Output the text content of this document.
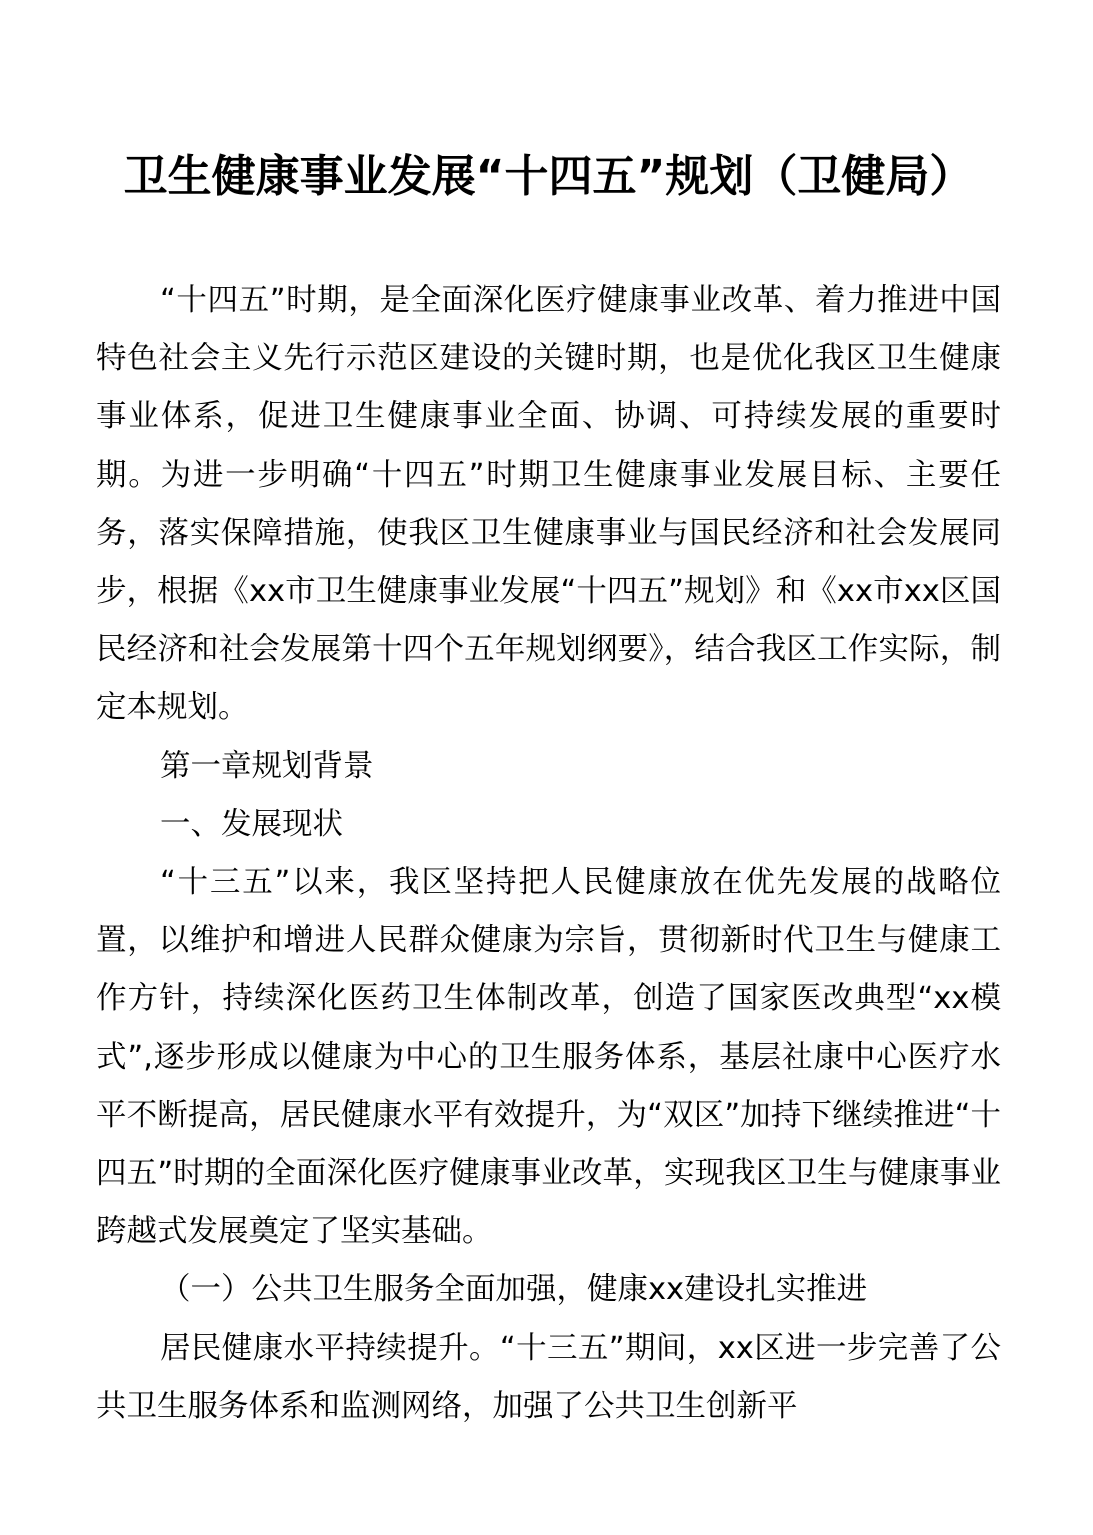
卫生健康事业发展“十四五”规划（卫健局）

“十四五”时期，是全面深化医疗健康事业改革、着力推进中国特色社会主义先行示范区建设的关键时期，也是优化我区卫生健康事业体系，促进卫生健康事业全面、协调、可持续发展的重要时期。为进一步明确“十四五”时期卫生健康事业发展目标、主要任务，落实保障措施，使我区卫生健康事业与国民经济和社会发展同步，根据《xx市卫生健康事业发展“十四五”规划》和《xx市xx区国民经济和社会发展第十四个五年规划纲要》，结合我区工作实际，制定本规划。

第一章规划背景

一、发展现状

“十三五”以来，我区坚持把人民健康放在优先发展的战略位置，以维护和增进人民群众健康为宗旨，贯彻新时代卫生与健康工作方针，持续深化医药卫生体制改革，创造了国家医改典型“xx模式”,逐步形成以健康为中心的卫生服务体系，基层社康中心医疗水平不断提高，居民健康水平有效提升，为“双区”加持下继续推进“十四五”时期的全面深化医疗健康事业改革，实现我区卫生与健康事业跨越式发展奠定了坚实基础。

（一）公共卫生服务全面加强，健康xx建设扎实推进

居民健康水平持续提升。“十三五”期间，xx区进一步完善了公共卫生服务体系和监测网络，加强了公共卫生创新平
